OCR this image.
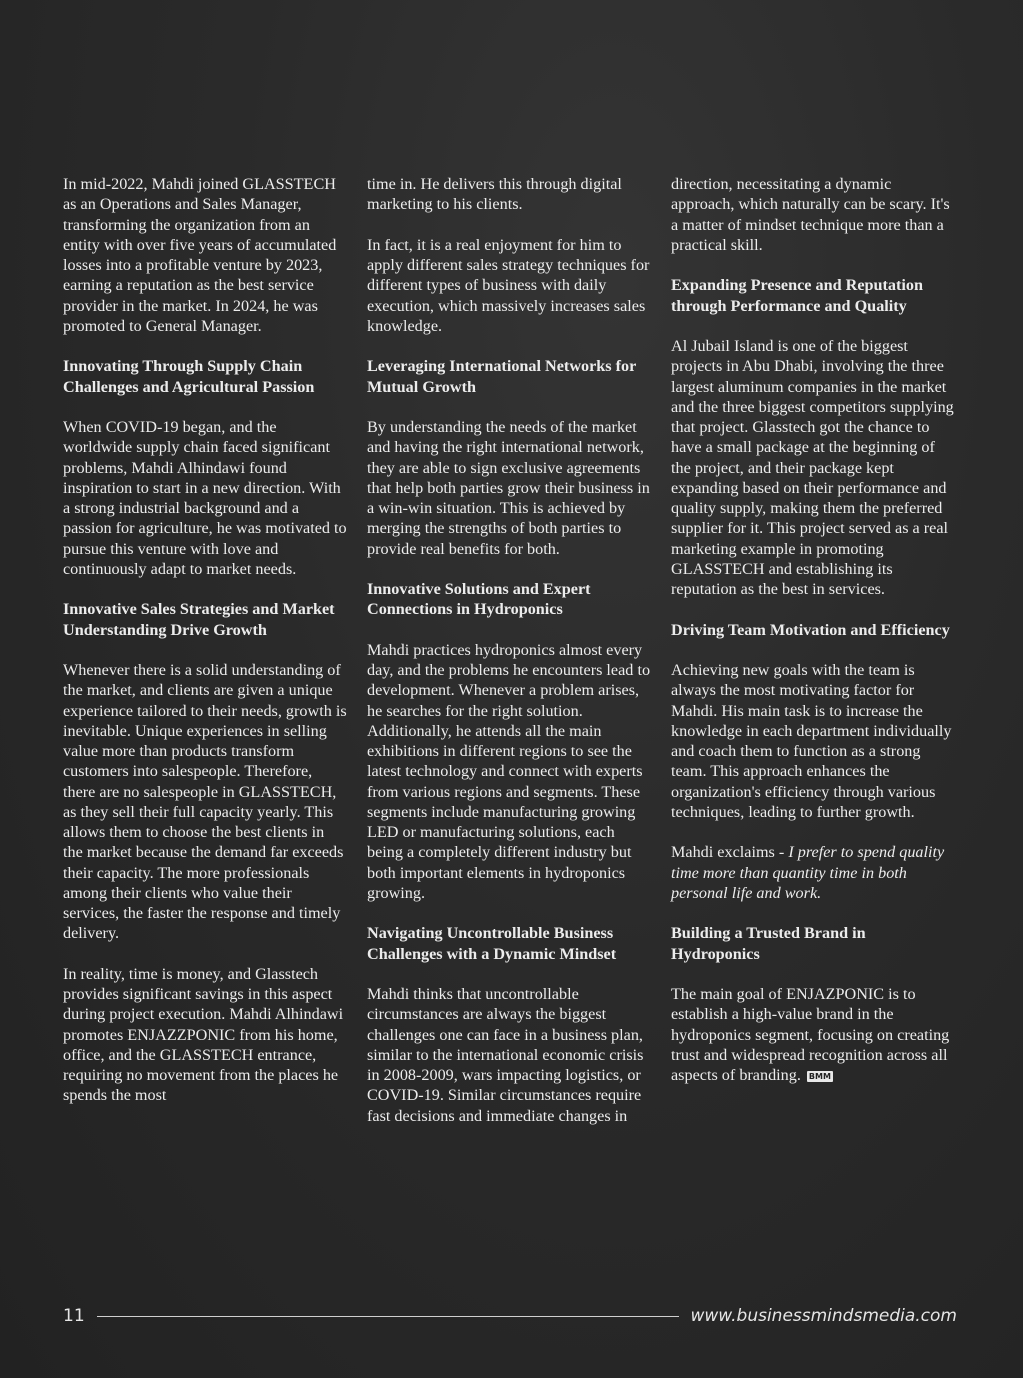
In mid-2022, Mahdi joined GLASSTECH as an Operations and Sales Manager, transforming the organization from an entity with over five years of accumulated losses into a profitable venture by 2023, earning a reputation as the best service provider in the market. In 2024, he was promoted to General Manager.

Innovating Through Supply Chain Challenges and Agricultural Passion

When COVID-19 began, and the worldwide supply chain faced significant problems, Mahdi Alhindawi found inspiration to start in a new direction. With a strong industrial background and a passion for agriculture, he was motivated to pursue this venture with love and continuously adapt to market needs.

Innovative Sales Strategies and Market Understanding Drive Growth

Whenever there is a solid understanding of the market, and clients are given a unique experience tailored to their needs, growth is inevitable. Unique experiences in selling value more than products transform customers into salespeople. Therefore, there are no salespeople in GLASSTECH, as they sell their full capacity yearly. This allows them to choose the best clients in the market because the demand far exceeds their capacity. The more professionals among their clients who value their services, the faster the response and timely delivery.

In reality, time is money, and Glasstech provides significant savings in this aspect during project execution. Mahdi Alhindawi promotes ENJAZZPONIC from his home, office, and the GLASSTECH entrance, requiring no movement from the places he spends the most

time in. He delivers this through digital marketing to his clients.

In fact, it is a real enjoyment for him to apply different sales strategy techniques for different types of business with daily execution, which massively increases sales knowledge.

Leveraging International Networks for Mutual Growth

By understanding the needs of the market and having the right international network, they are able to sign exclusive agreements that help both parties grow their business in a win-win situation. This is achieved by merging the strengths of both parties to provide real benefits for both.

Innovative Solutions and Expert Connections in Hydroponics

Mahdi practices hydroponics almost every day, and the problems he encounters lead to development. Whenever a problem arises, he searches for the right solution. Additionally, he attends all the main exhibitions in different regions to see the latest technology and connect with experts from various regions and segments. These segments include manufacturing growing LED or manufacturing solutions, each being a completely different industry but both important elements in hydroponics growing.

Navigating Uncontrollable Business Challenges with a Dynamic Mindset

Mahdi thinks that uncontrollable circumstances are always the biggest challenges one can face in a business plan, similar to the international economic crisis in 2008-2009, wars impacting logistics, or COVID-19. Similar circumstances require fast decisions and immediate changes in

direction, necessitating a dynamic approach, which naturally can be scary. It's a matter of mindset technique more than a practical skill.

Expanding Presence and Reputation through Performance and Quality

Al Jubail Island is one of the biggest projects in Abu Dhabi, involving the three largest aluminum companies in the market and the three biggest competitors supplying that project. Glasstech got the chance to have a small package at the beginning of the project, and their package kept expanding based on their performance and quality supply, making them the preferred supplier for it. This project served as a real marketing example in promoting GLASSTECH and establishing its reputation as the best in services.

Driving Team Motivation and Efficiency

Achieving new goals with the team is always the most motivating factor for Mahdi. His main task is to increase the knowledge in each department individually and coach them to function as a strong team. This approach enhances the organization's efficiency through various techniques, leading to further growth.

Mahdi exclaims - I prefer to spend quality time more than quantity time in both personal life and work.

Building a Trusted Brand in Hydroponics

The main goal of ENJAZPONIC is to establish a high-value brand in the hydroponics segment, focusing on creating trust and widespread recognition across all aspects of branding. BMM

11	www.businessmindsmedia.com
